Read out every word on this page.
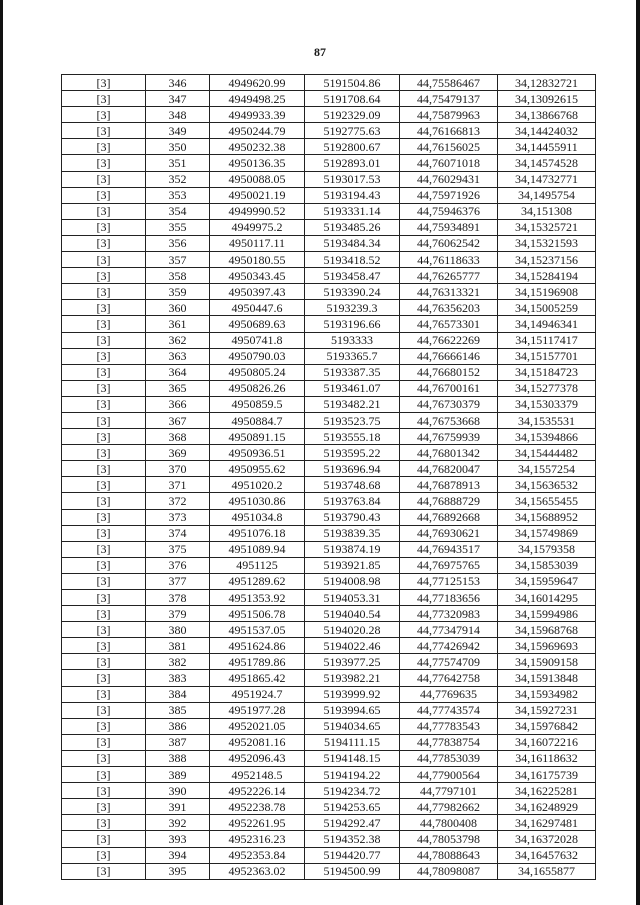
87
[3]	346	4949620.99	5191504.86	44,75586467	34,12832721
[3]	347	4949498.25	5191708.64	44,75479137	34,13092615
[3]	348	4949933.39	5192329.09	44,75879963	34,13866768
[3]	349	4950244.79	5192775.63	44,76166813	34,14424032
[3]	350	4950232.38	5192800.67	44,76156025	34,14455911
[3]	351	4950136.35	5192893.01	44,76071018	34,14574528
[3]	352	4950088.05	5193017.53	44,76029431	34,14732771
[3]	353	4950021.19	5193194.43	44,75971926	34,1495754
[3]	354	4949990.52	5193331.14	44,75946376	34,151308
[3]	355	4949975.2	5193485.26	44,75934891	34,15325721
[3]	356	4950117.11	5193484.34	44,76062542	34,15321593
[3]	357	4950180.55	5193418.52	44,76118633	34,15237156
[3]	358	4950343.45	5193458.47	44,76265777	34,15284194
[3]	359	4950397.43	5193390.24	44,76313321	34,15196908
[3]	360	4950447.6	5193239.3	44,76356203	34,15005259
[3]	361	4950689.63	5193196.66	44,76573301	34,14946341
[3]	362	4950741.8	5193333	44,76622269	34,15117417
[3]	363	4950790.03	5193365.7	44,76666146	34,15157701
[3]	364	4950805.24	5193387.35	44,76680152	34,15184723
[3]	365	4950826.26	5193461.07	44,76700161	34,15277378
[3]	366	4950859.5	5193482.21	44,76730379	34,15303379
[3]	367	4950884.7	5193523.75	44,76753668	34,1535531
[3]	368	4950891.15	5193555.18	44,76759939	34,15394866
[3]	369	4950936.51	5193595.22	44,76801342	34,15444482
[3]	370	4950955.62	5193696.94	44,76820047	34,1557254
[3]	371	4951020.2	5193748.68	44,76878913	34,15636532
[3]	372	4951030.86	5193763.84	44,76888729	34,15655455
[3]	373	4951034.8	5193790.43	44,76892668	34,15688952
[3]	374	4951076.18	5193839.35	44,76930621	34,15749869
[3]	375	4951089.94	5193874.19	44,76943517	34,1579358
[3]	376	4951125	5193921.85	44,76975765	34,15853039
[3]	377	4951289.62	5194008.98	44,77125153	34,15959647
[3]	378	4951353.92	5194053.31	44,77183656	34,16014295
[3]	379	4951506.78	5194040.54	44,77320983	34,15994986
[3]	380	4951537.05	5194020.28	44,77347914	34,15968768
[3]	381	4951624.86	5194022.46	44,77426942	34,15969693
[3]	382	4951789.86	5193977.25	44,77574709	34,15909158
[3]	383	4951865.42	5193982.21	44,77642758	34,15913848
[3]	384	4951924.7	5193999.92	44,7769635	34,15934982
[3]	385	4951977.28	5193994.65	44,77743574	34,15927231
[3]	386	4952021.05	5194034.65	44,77783543	34,15976842
[3]	387	4952081.16	5194111.15	44,77838754	34,16072216
[3]	388	4952096.43	5194148.15	44,77853039	34,16118632
[3]	389	4952148.5	5194194.22	44,77900564	34,16175739
[3]	390	4952226.14	5194234.72	44,7797101	34,16225281
[3]	391	4952238.78	5194253.65	44,77982662	34,16248929
[3]	392	4952261.95	5194292.47	44,7800408	34,16297481
[3]	393	4952316.23	5194352.38	44,78053798	34,16372028
[3]	394	4952353.84	5194420.77	44,78088643	34,16457632
[3]	395	4952363.02	5194500.99	44,78098087	34,1655877
